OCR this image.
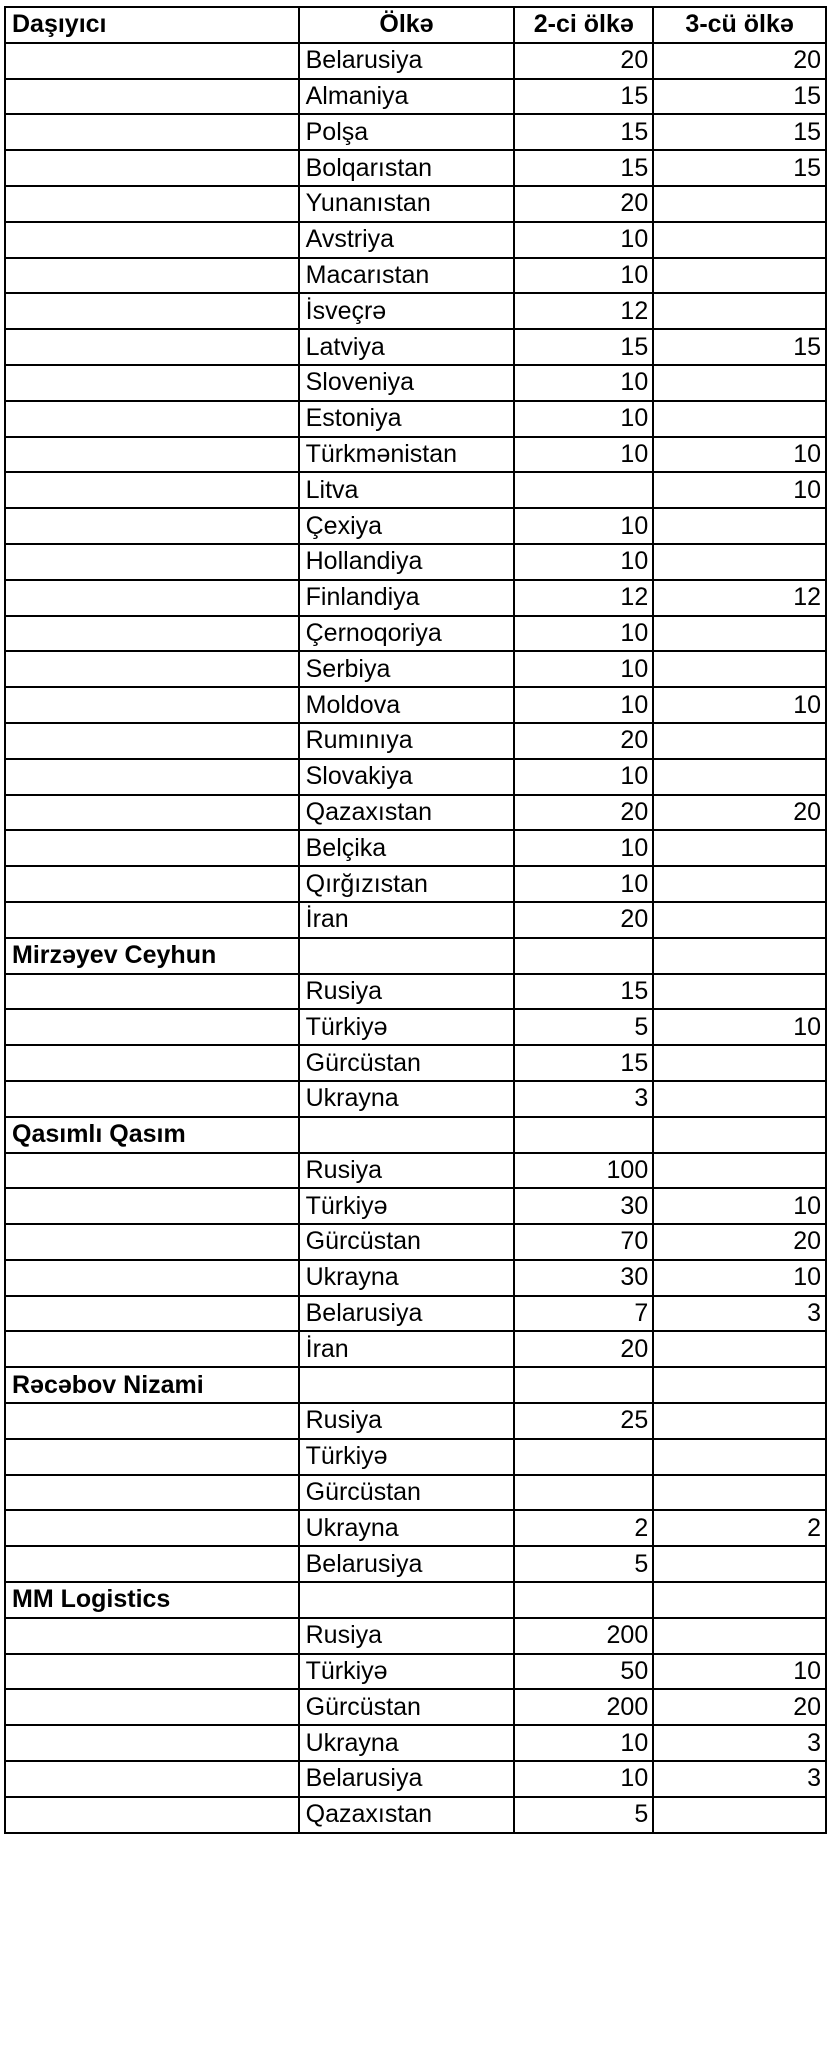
Daşıyıcı	Ölkə	2-ci ölkə	3-cü ölkə
	Belarusiya	20	20
	Almaniya	15	15
	Polşa	15	15
	Bolqarıstan	15	15
	Yunanıstan	20	
	Avstriya	10	
	Macarıstan	10	
	İsveçrə	12	
	Latviya	15	15
	Sloveniya	10	
	Estoniya	10	
	Türkmənistan	10	10
	Litva		10
	Çexiya	10	
	Hollandiya	10	
	Finlandiya	12	12
	Çernoqoriya	10	
	Serbiya	10	
	Moldova	10	10
	Rumınıya	20	
	Slovakiya	10	
	Qazaxıstan	20	20
	Belçika	10	
	Qırğızıstan	10	
	İran	20	
Mirzəyev Ceyhun			
	Rusiya	15	
	Türkiyə	5	10
	Gürcüstan	15	
	Ukrayna	3	
Qasımlı Qasım			
	Rusiya	100	
	Türkiyə	30	10
	Gürcüstan	70	20
	Ukrayna	30	10
	Belarusiya	7	3
	İran	20	
Rəcəbov Nizami			
	Rusiya	25	
	Türkiyə		
	Gürcüstan		
	Ukrayna	2	2
	Belarusiya	5	
MM Logistics			
	Rusiya	200	
	Türkiyə	50	10
	Gürcüstan	200	20
	Ukrayna	10	3
	Belarusiya	10	3
	Qazaxıstan	5	
